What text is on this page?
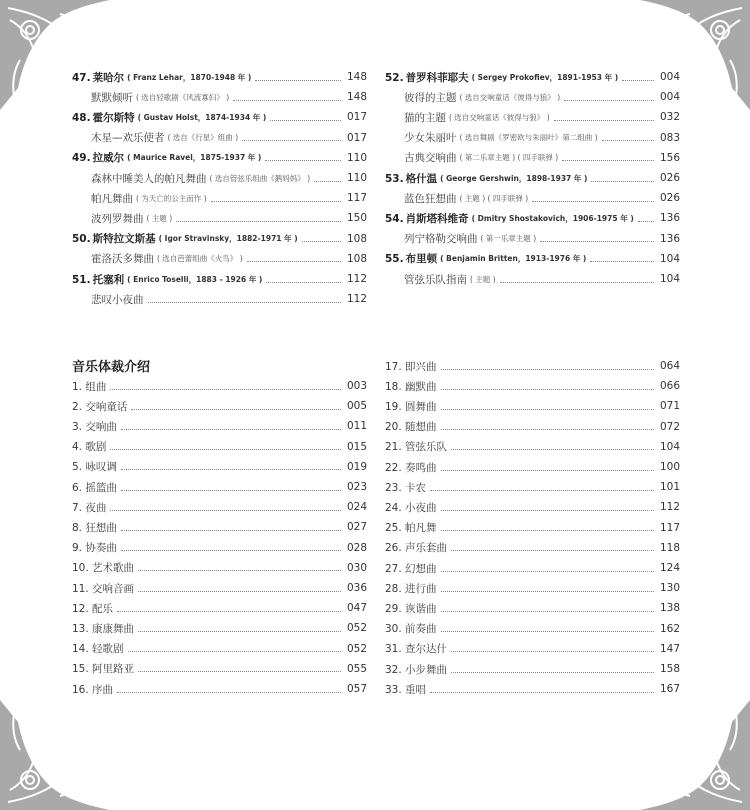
47. 莱哈尔 ( Franz Lehar，1870-1948 年 )	148
默默倾听 ( 选自轻歌剧《风流寡妇》 )	148
48. 霍尔斯特 ( Gustav Holst，1874-1934 年 )	017
木星—欢乐使者 ( 选自《行星》组曲 )	017
49. 拉威尔 ( Maurice Ravel，1875-1937 年 )	110
森林中睡美人的帕凡舞曲 ( 选自管弦乐组曲《鹅妈妈》 )	110
帕凡舞曲 ( 为夭亡的公主而作 )	117
波列罗舞曲 ( 主题 )	150
50. 斯特拉文斯基 ( Igor Stravinsky，1882-1971 年 )	108
霍洛沃多舞曲 ( 选自芭蕾组曲《火鸟》 )	108
51. 托塞利 ( Enrico Toselli，1883 - 1926 年 )	112
悲叹小夜曲	112
52. 普罗科菲耶夫 ( Sergey Prokofiev，1891-1953 年 )	004
彼得的主题 ( 选自交响童话《彼得与狼》 )	004
猫的主题 ( 选自交响童话《彼得与狼》 )	032
少女朱丽叶 ( 选自舞剧《罗密欧与朱丽叶》第二组曲 )	083
古典交响曲 ( 第二乐章主题 ) ( 四手联弹 )	156
53. 格什温 ( George Gershwin，1898-1937 年 )	026
蓝色狂想曲 ( 主题 ) ( 四手联弹 )	026
54. 肖斯塔科维奇 ( Dmitry Shostakovich，1906-1975 年 ) 136
列宁格勒交响曲 ( 第一乐章主题 )	136
55. 布里顿 ( Benjamin Britten，1913-1976 年 )	104
管弦乐队指南 ( 主题 )	104
音乐体裁介绍
1. 组曲	003
2. 交响童话	005
3. 交响曲	011
4. 歌剧	015
5. 咏叹调	019
6. 摇篮曲	023
7. 夜曲	024
8. 狂想曲	027
9. 协奏曲	028
10. 艺术歌曲	030
11. 交响音画	036
12. 配乐	047
13. 康康舞曲	052
14. 轻歌剧	052
15. 阿里路亚	055
16. 序曲	057
17. 即兴曲	064
18. 幽默曲	066
19. 圆舞曲	071
20. 随想曲	072
21. 管弦乐队	104
22. 奏鸣曲	100
23. 卡农	101
24. 小夜曲	112
25. 帕凡舞	117
26. 声乐套曲	118
27. 幻想曲	124
28. 进行曲	130
29. 诙谐曲	138
30. 前奏曲	162
31. 查尔达什	147
32. 小步舞曲	158
33. 重唱	167
